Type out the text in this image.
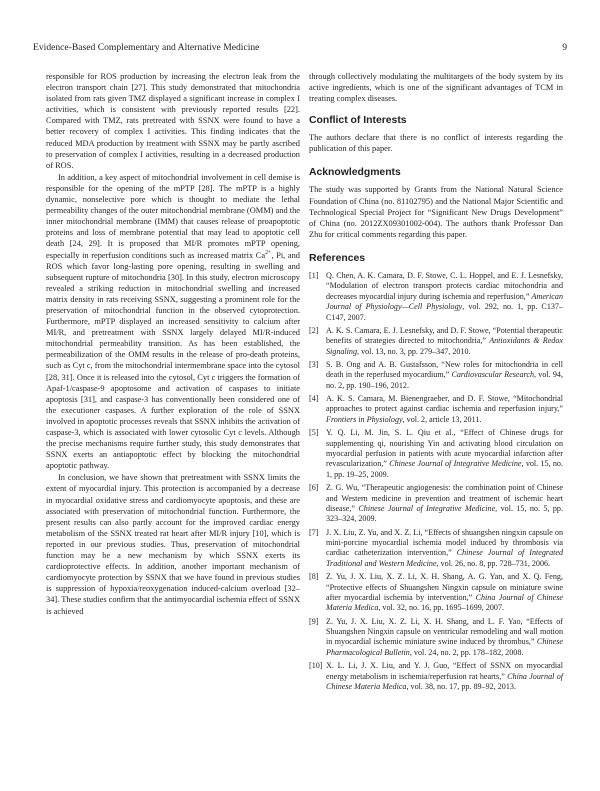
Evidence-Based Complementary and Alternative Medicine	9

responsible for ROS production by increasing the electron leak from the electron transport chain [27]. This study demonstrated that mitochondria isolated from rats given TMZ displayed a significant increase in complex I activities, which is consistent with previously reported results [22]. Compared with TMZ, rats pretreated with SSNX were found to have a better recovery of complex I activities. This finding indicates that the reduced MDA production by treatment with SSNX may be partly ascribed to preservation of complex I activities, resulting in a decreased production of ROS.

In addition, a key aspect of mitochondrial involvement in cell demise is responsible for the opening of the mPTP [28]. The mPTP is a highly dynamic, nonselective pore which is thought to mediate the lethal permeability changes of the outer mitochondrial membrane (OMM) and the inner mitochondrial membrane (IMM) that causes release of proapoptotic proteins and loss of membrane potential that may lead to apoptotic cell death [24, 29]. It is proposed that MI/R promotes mPTP opening, especially in reperfusion conditions such as increased matrix $Ca^{2+}$, Pi, and ROS which favor long-lasting pore opening, resulting in swelling and subsequent rupture of mitochondria [30]. In this study, electron microscopy revealed a striking reduction in mitochondrial swelling and increased matrix density in rats receiving SSNX, suggesting a prominent role for the preservation of mitochondrial function in the observed cytoprotection. Furthermore, mPTP displayed an increased sensitivity to calcium after MI/R, and pretreatment with SSNX largely delayed MI/R-induced mitochondrial permeability transition. As has been established, the permeabilization of the OMM results in the release of pro-death proteins, such as Cyt c, from the mitochondrial intermembrane space into the cytosol [28, 31]. Once it is released into the cytosol, Cyt c triggers the formation of Apaf-1/caspase-9 apoptosome and activation of caspases to initiate apoptosis [31], and caspase-3 has conventionally been considered one of the executioner caspases. A further exploration of the role of SSNX involved in apoptotic processes reveals that SSNX inhibits the activation of caspase-3, which is associated with lower cytosolic Cyt c levels. Although the precise mechanisms require further study, this study demonstrates that SSNX exerts an antiapoptotic effect by blocking the mitochondrial apoptotic pathway.

In conclusion, we have shown that pretreatment with SSNX limits the extent of myocardial injury. This protection is accompanied by a decrease in myocardial oxidative stress and cardiomyocyte apoptosis, and these are associated with preservation of mitochondrial function. Furthermore, the present results can also partly account for the improved cardiac energy metabolism of the SSNX treated rat heart after MI/R injury [10], which is reported in our previous studies. Thus, preservation of mitochondrial function may be a new mechanism by which SSNX exerts its cardioprotective effects. In addition, another important mechanism of cardiomyocyte protection by SSNX that we have found in previous studies is suppression of hypoxia/reoxygenation induced-calcium overload [32–34]. These studies confirm that the antimyocardial ischemia effect of SSNX is achieved

through collectively modulating the multitargets of the body system by its active ingredients, which is one of the significant advantages of TCM in treating complex diseases.

Conflict of Interests

The authors declare that there is no conflict of interests regarding the publication of this paper.

Acknowledgments

The study was supported by Grants from the National Natural Science Foundation of China (no. 81102795) and the National Major Scientific and Technological Special Project for “Significant New Drugs Development” of China (no. 2012ZX09301002-004). The authors thank Professor Dan Zhu for critical comments regarding this paper.

References
[1] Q. Chen, A. K. Camara, D. F. Stowe, C. L. Hoppel, and E. J. Lesnefsky, “Modulation of electron transport protects cardiac mitochondria and decreases myocardial injury during ischemia and reperfusion,” American Journal of Physiology—Cell Physiology, vol. 292, no. 1, pp. C137–C147, 2007.
[2] A. K. S. Camara, E. J. Lesnefsky, and D. F. Stowe, “Potential therapeutic benefits of strategies directed to mitochondria,” Antioxidants & Redox Signaling, vol. 13, no. 3, pp. 279–347, 2010.
[3] S. B. Ong and A. B. Gustafsson, “New roles for mitochondria in cell death in the reperfused myocardium,” Cardiovascular Research, vol. 94, no. 2, pp. 190–196, 2012.
[4] A. K. S. Camara, M. Bienengraeber, and D. F. Stowe, “Mitochondrial approaches to protect against cardiac ischemia and reperfusion injury,” Frontiers in Physiology, vol. 2, article 13, 2011.
[5] Y. Q. Li, M. Jin, S. L. Qiu et al., “Effect of Chinese drugs for supplementing qi, nourishing Yin and activating blood circulation on myocardial perfusion in patients with acute myocardial infarction after revascularization,” Chinese Journal of Integrative Medicine, vol. 15, no. 1, pp. 19–25, 2009.
[6] Z. G. Wu, “Therapeutic angiogenesis: the combination point of Chinese and Western medicine in prevention and treatment of ischemic heart disease,” Chinese Journal of Integrative Medicine, vol. 15, no. 5, pp. 323–324, 2009.
[7] J. X. Liu, Z. Yu, and X. Z. Li, “Effects of shuangshen ningxin capsule on mini-porcine myocardial ischemia model induced by thrombosis via cardiac catheterization intervention,” Chinese Journal of Integrated Traditional and Western Medicine, vol. 26, no. 8, pp. 728–731, 2006.
[8] Z. Yu, J. X. Liu, X. Z. Li, X. H. Shang, A. G. Yan, and X. Q. Feng, “Protective effects of Shuangshen Ningxin capsule on miniature swine after myocardial ischemia by intervention,” China Journal of Chinese Materia Medica, vol. 32, no. 16, pp. 1695–1699, 2007.
[9] Z. Yu, J. X. Liu, X. Z. Li, X. H. Shang, and L. F. Yao, “Effects of Shuangshen Ningxin capsule on ventricular remodeling and wall motion in myocardial ischemic miniature swine induced by thrombus,” Chinese Pharmacological Bulletin, vol. 24, no. 2, pp. 178–182, 2008.
[10] X. L. Li, J. X. Liu, and Y. J. Guo, “Effect of SSNX on myocardial energy metabolism in ischemia/reperfusion rat hearts,” China Journal of Chinese Materia Medica, vol. 38, no. 17, pp. 89–92, 2013.
